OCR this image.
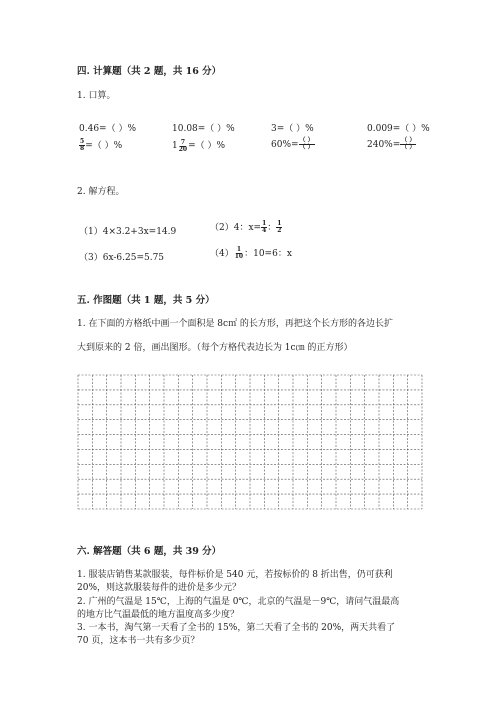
四. 计算题（共 2 题，共 16 分）
1. 口算。
0.46=（ ）%	10.08=（ ）%	3=（ ）%	0.009=（ ）%
$\frac{5}{8}$ =（ ）%	$1 \frac{7}{20}$ =（ ）%	$60\%= \frac{( )}{( )}$	$240\%= \frac{( )}{( )}$
2. 解方程。
（1）4×3.2+3x=14.9	（2）4：$x= \frac{1}{4}$ ： $\frac{1}{2}$
（3）6x-6.25=5.75	$(4) \frac{1}{10}$ ：10=6：x
五. 作图题（共 1 题，共 5 分）
1. 在下面的方格纸中画一个面积是 8c㎡ 的长方形，再把这个长方形的各边长扩
大到原来的 2 倍，画出图形。（每个方格代表边长为 1c㎝ 的正方形）
六. 解答题（共 6 题，共 39 分）
1. 服装店销售某款服装，每件标价是 540 元，若按标价的 8 折出售，仍可获利
20%，则这款服装每件的进价是多少元？
2. 广州的气温是 15℃，上海的气温是 0℃，北京的气温是－9℃，请问气温最高
的地方比气温最低的地方温度高多少度？
3. 一本书，淘气第一天看了全书的 15%，第二天看了全书的 20%，两天共看了
70 页，这本书一共有多少页？
